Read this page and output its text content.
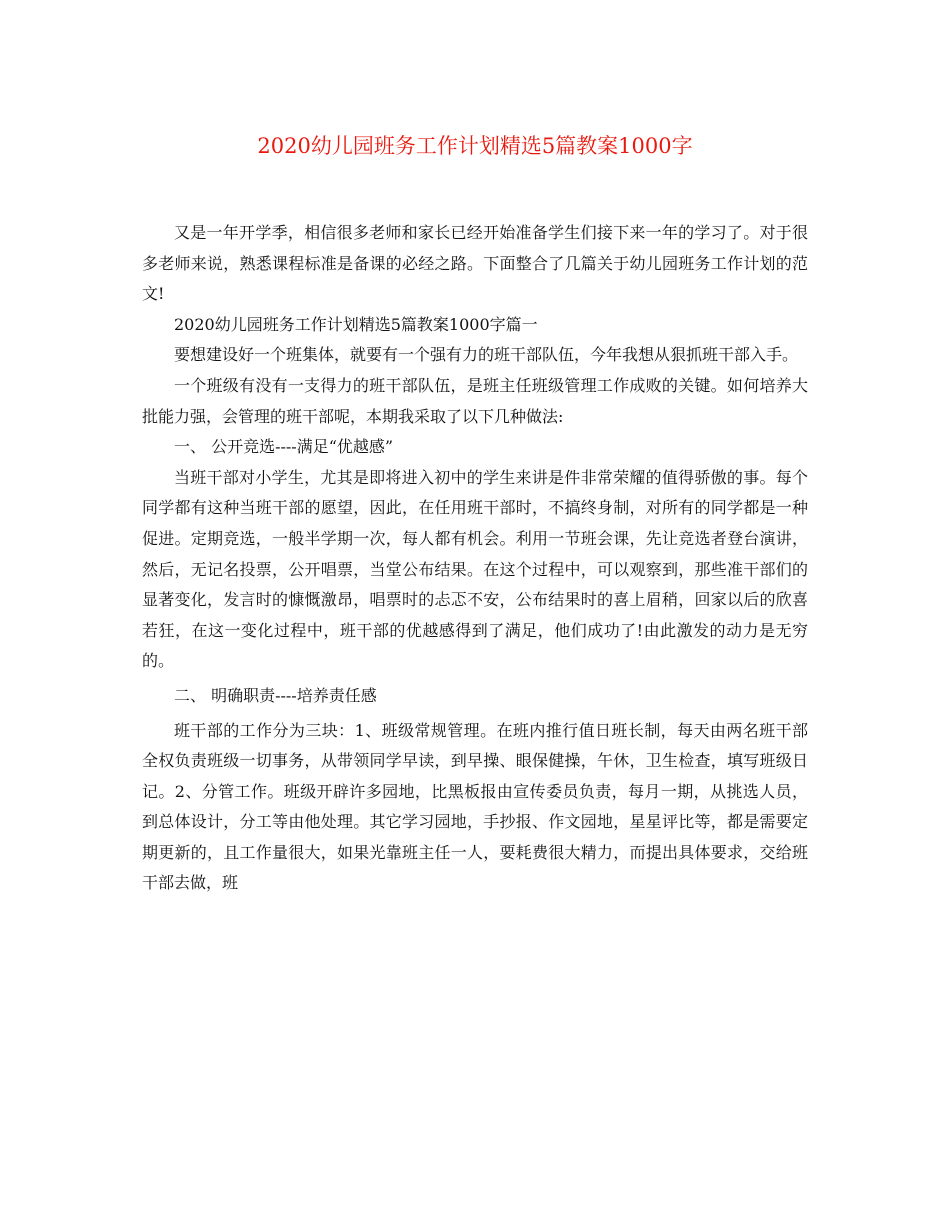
2020幼儿园班务工作计划精选5篇教案1000字

又是一年开学季，相信很多老师和家长已经开始准备学生们接下来一年的学习了。对于很多老师来说，熟悉课程标准是备课的必经之路。下面整合了几篇关于幼儿园班务工作计划的范文!

2020幼儿园班务工作计划精选5篇教案1000字篇一

要想建设好一个班集体，就要有一个强有力的班干部队伍，今年我想从狠抓班干部入手。

一个班级有没有一支得力的班干部队伍，是班主任班级管理工作成败的关键。如何培养大批能力强，会管理的班干部呢，本期我采取了以下几种做法:

一、 公开竞选----满足“优越感”

当班干部对小学生，尤其是即将进入初中的学生来讲是件非常荣耀的值得骄傲的事。每个同学都有这种当班干部的愿望，因此，在任用班干部时，不搞终身制，对所有的同学都是一种促进。定期竞选，一般半学期一次，每人都有机会。利用一节班会课，先让竞选者登台演讲，然后，无记名投票，公开唱票，当堂公布结果。在这个过程中，可以观察到，那些准干部们的显著变化，发言时的慷慨激昂，唱票时的忐忑不安，公布结果时的喜上眉稍，回家以后的欣喜若狂，在这一变化过程中，班干部的优越感得到了满足，他们成功了!由此激发的动力是无穷的。

二、 明确职责----培养责任感

班干部的工作分为三块：1、班级常规管理。在班内推行值日班长制，每天由两名班干部全权负责班级一切事务，从带领同学早读，到早操、眼保健操，午休，卫生检查，填写班级日记。2、分管工作。班级开辟许多园地，比黑板报由宣传委员负责，每月一期，从挑选人员，到总体设计，分工等由他处理。其它学习园地，手抄报、作文园地，星星评比等，都是需要定期更新的，且工作量很大，如果光靠班主任一人，要耗费很大精力，而提出具体要求，交给班干部去做，班
